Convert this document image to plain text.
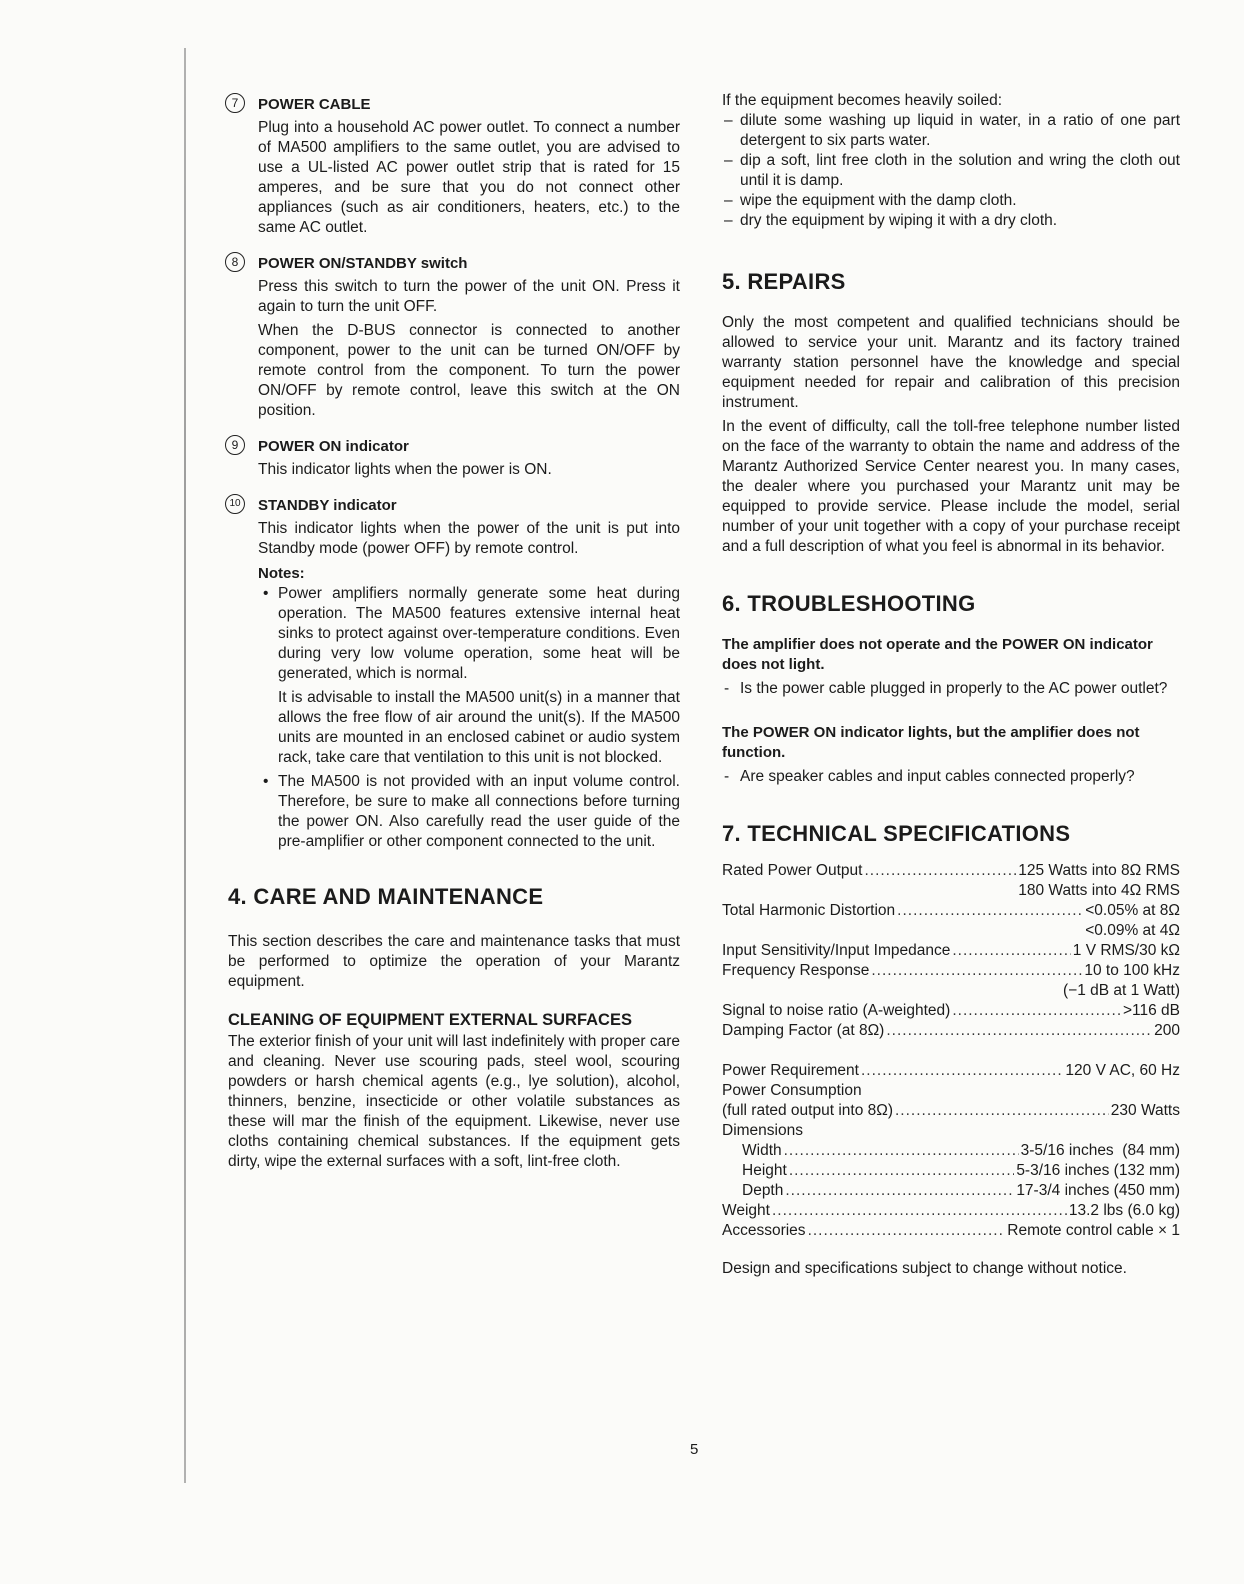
7	POWER CABLE

Plug into a household AC power outlet. To connect a number of MA500 amplifiers to the same outlet, you are advised to use a UL-listed AC power outlet strip that is rated for 15 amperes, and be sure that you do not connect other appliances (such as air conditioners, heaters, etc.) to the same AC outlet.

8	POWER ON/STANDBY switch

Press this switch to turn the power of the unit ON. Press it again to turn the unit OFF.

When the D-BUS connector is connected to another component, power to the unit can be turned ON/OFF by remote control from the component. To turn the power ON/OFF by remote control, leave this switch at the ON position.

9	POWER ON indicator

This indicator lights when the power is ON.

10 STANDBY indicator

This indicator lights when the power of the unit is put into Standby mode (power OFF) by remote control.

Notes:
• Power amplifiers normally generate some heat during operation. The MA500 features extensive internal heat sinks to protect against over-temperature conditions. Even during very low volume operation, some heat will be generated, which is normal.

It is advisable to install the MA500 unit(s) in a manner that allows the free flow of air around the unit(s). If the MA500 units are mounted in an enclosed cabinet or audio system rack, take care that ventilation to this unit is not blocked.

• The MA500 is not provided with an input volume control. Therefore, be sure to make all connections before turning the power ON. Also carefully read the user guide of the pre-amplifier or other component connected to the unit.

4. CARE AND MAINTENANCE

This section describes the care and maintenance tasks that must be performed to optimize the operation of your Marantz equipment.

CLEANING OF EQUIPMENT EXTERNAL SURFACES

The exterior finish of your unit will last indefinitely with proper care and cleaning. Never use scouring pads, steel wool, scouring powders or harsh chemical agents (e.g., lye solution), alcohol, thinners, benzine, insecticide or other volatile substances as these will mar the finish of the equipment. Likewise, never use cloths containing chemical substances. If the equipment gets dirty, wipe the external surfaces with a soft, lint-free cloth.

If the equipment becomes heavily soiled:

– dilute some washing up liquid in water, in a ratio of one part detergent to six parts water.
– dip a soft, lint free cloth in the solution and wring the cloth out until it is damp.
– wipe the equipment with the damp cloth.
– dry the equipment by wiping it with a dry cloth.
5. REPAIRS

Only the most competent and qualified technicians should be allowed to service your unit. Marantz and its factory trained warranty station personnel have the knowledge and special equipment needed for repair and calibration of this precision instrument.

In the event of difficulty, call the toll-free telephone number listed on the face of the warranty to obtain the name and address of the Marantz Authorized Service Center nearest you. In many cases, the dealer where you purchased your Marantz unit may be equipped to provide service. Please include the model, serial number of your unit together with a copy of your purchase receipt and a full description of what you feel is abnormal in its behavior.

6. TROUBLESHOOTING
The amplifier does not operate and the POWER ON indicator does not light.
- Is the power cable plugged in properly to the AC power outlet?
The POWER ON indicator lights, but the amplifier does not function.
- Are speaker cables and input cables connected properly?
7. TECHNICAL SPECIFICATIONS
Rated Power Output .....	125 Watts into 8Ω RMS
180 Watts into 4Ω RMS
Total Harmonic Distortion .....	<0.05% at 8Ω
<0.09% at 4Ω
Input Sensitivity/Input Impedance .....	1 V RMS/30 kΩ
Frequency Response .....	10 to 100 kHz
(−1 dB at 1 Watt)
Signal to noise ratio (A-weighted) .....	>116 dB
Damping Factor (at 8Ω) .....	200
Power Requirement .....	120 V AC, 60 Hz
Power Consumption
(full rated output into 8Ω) .....	230 Watts
Dimensions
Width .....	3-5/16 inches  (84 mm)
Height .....	5-3/16 inches (132 mm)
Depth .....	17-3/4 inches (450 mm)
Weight .....	13.2 lbs (6.0 kg)
Accessories .....	Remote control cable × 1

Design and specifications subject to change without notice.

5
